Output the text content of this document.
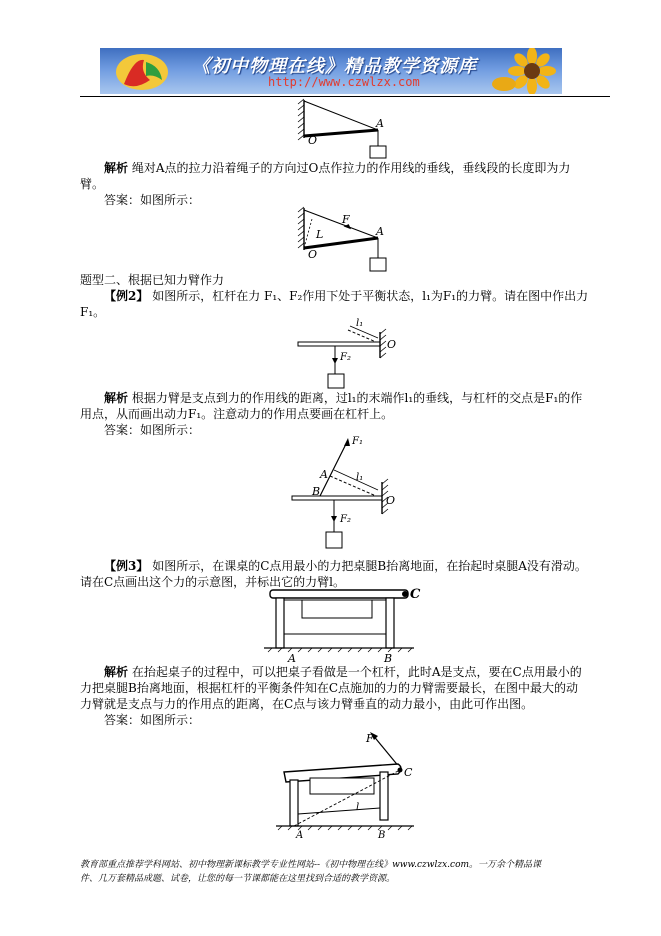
《初中物理在线》精品教学资源库
http://www.czwlzx.com
O
A
解析 绳对A点的拉力沿着绳子的方向过O点作拉力的作用线的垂线，垂线段的长度即为力
臂。
答案：如图所示：
O
A
L
F
题型二、根据已知力臂作力
【例2】 如图所示，杠杆在力 F₁、F₂作用下处于平衡状态，l₁为F₁的力臂。请在图中作出力
F₁。
l₁
F₂
O
解析 根据力臂是支点到力的作用线的距离，过l₁的末端作l₁的垂线，与杠杆的交点是F₁的作
用点，从而画出动力F₁。注意动力的作用点要画在杠杆上。
答案：如图所示：
F₁
A	l₁
B
O
F₂
【例3】 如图所示，在课桌的C点用最小的力把桌腿B抬离地面，在抬起时桌腿A没有滑动。
请在C点画出这个力的示意图，并标出它的力臂l。
C
A	B
解析 在抬起桌子的过程中，可以把桌子看做是一个杠杆，此时A是支点，要在C点用最小的
力把桌腿B抬离地面，根据杠杆的平衡条件知在C点施加的力的力臂需要最长，在图中最大的动
力臂就是支点与力的作用点的距离，在C点与该力臂垂直的动力最小，由此可作出图。
答案：如图所示：
F
C
l
A	B
教育部重点推荐学科网站、初中物理新课标教学专业性网站--《初中物理在线》www.czwlzx.com。一万余个精品课
件、几万套精品成题、试卷，让您的每一节课都能在这里找到合适的教学资源。
